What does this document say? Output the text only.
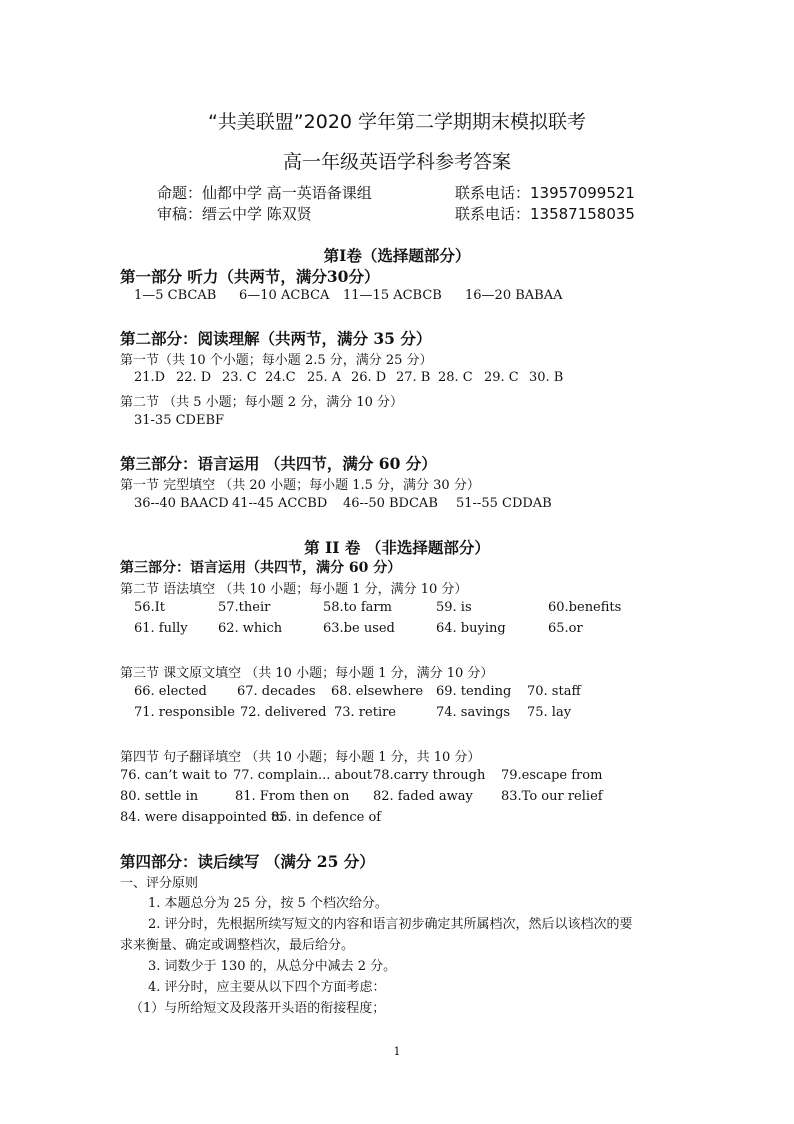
“共美联盟”2020 学年第二学期期末模拟联考
高一年级英语学科参考答案
命题：仙都中学 高一英语备课组	联系电话：13957099521
审稿：缙云中学 陈双贤	联系电话：13587158035
第I卷（选择题部分）
第一部分 听力（共两节，满分30分）
1—5 CBCAB 6—10 ACBCA 11—15 ACBCB 16—20 BABAA
第二部分：阅读理解（共两节，满分 35 分）
第一节（共 10 个小题；每小题 2.5 分，满分 25 分）
21.D 22. D 23. C 24.C 25. A 26. D 27. B 28. C 29. C 30. B
第二节 （共 5 小题；每小题 2 分，满分 10 分）
31-35 CDEBF
第三部分：语言运用 （共四节，满分 60 分）
第一节 完型填空 （共 20 小题；每小题 1.5 分，满分 30 分）
36--40 BAACD 41--45 ACCBD 46--50 BDCAB 51--55 CDDAB
第 II 卷 （非选择题部分）
第三部分：语言运用（共四节，满分 60 分）
第二节 语法填空 （共 10 小题；每小题 1 分，满分 10 分）
56.It	57.their	58.to farm	59. is	60.benefits
61. fully 62. which	63.be used	64. buying	65.or
第三节 课文原文填空 （共 10 小题；每小题 1 分，满分 10 分）
66. elected 67. decades 68. elsewhere 69. tending 70. staff
71. responsible 72. delivered 73. retire	74. savings 75. lay
第四节 句子翻译填空 （共 10 小题；每小题 1 分，共 10 分）
76. can’t wait to 77. complain... about 78.carry through 79.escape from
80. settle in	81. From then on 82. faded away 83.To our relief
84. were disappointed to
85. in defence of
第四部分：读后续写 （满分 25 分）
一、评分原则
1. 本题总分为 25 分，按 5 个档次给分。
2. 评分时，先根据所续写短文的内容和语言初步确定其所属档次，然后以该档次的要
求来衡量、确定或调整档次，最后给分。
3. 词数少于 130 的，从总分中减去 2 分。
4. 评分时，应主要从以下四个方面考虑：
（1）与所给短文及段落开头语的衔接程度；
1
